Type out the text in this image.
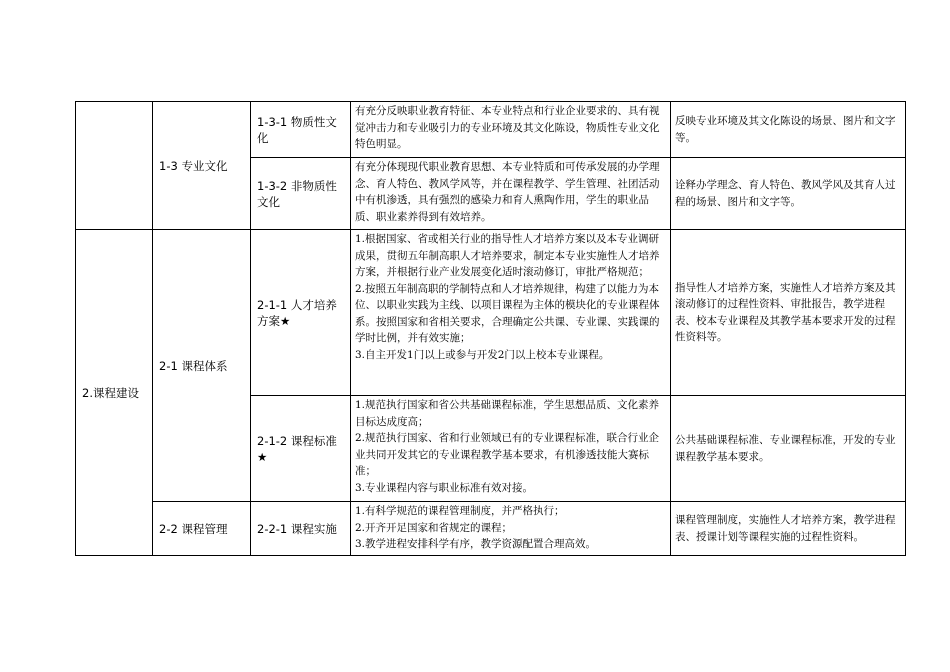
	1-3 专业文化	1-3-1 物质性文化	有充分反映职业教育特征、本专业特点和行业企业要求的、具有视觉冲击力和专业吸引力的专业环境及其文化陈设，物质性专业文化特色明显。	反映专业环境及其文化陈设的场景、图片和文字等。
		1-3-2 非物质性文化	有充分体现现代职业教育思想、本专业特质和可传承发展的办学理念、育人特色、教风学风等，并在课程教学、学生管理、社团活动中有机渗透，具有强烈的感染力和育人熏陶作用，学生的职业品质、职业素养得到有效培养。	诠释办学理念、育人特色、教风学风及其育人过程的场景、图片和文字等。
2.课程建设	2-1 课程体系	2-1-1 人才培养方案★	1.根据国家、省或相关行业的指导性人才培养方案以及本专业调研成果，贯彻五年制高职人才培养要求，制定本专业实施性人才培养方案，并根据行业产业发展变化适时滚动修订，审批严格规范；
2.按照五年制高职的学制特点和人才培养规律，构建了以能力为本位、以职业实践为主线、以项目课程为主体的模块化的专业课程体系。按照国家和省相关要求，合理确定公共课、专业课、实践课的学时比例，并有效实施；
3.自主开发1门以上或参与开发2门以上校本专业课程。	指导性人才培养方案，实施性人才培养方案及其滚动修订的过程性资料、审批报告，教学进程表、校本专业课程及其教学基本要求开发的过程性资料等。
		2-1-2 课程标准★	1.规范执行国家和省公共基础课程标准，学生思想品质、文化素养目标达成度高；
2.规范执行国家、省和行业领域已有的专业课程标准，联合行业企业共同开发其它的专业课程教学基本要求，有机渗透技能大赛标准；
3.专业课程内容与职业标准有效对接。	公共基础课程标准、专业课程标准，开发的专业课程教学基本要求。
	2-2 课程管理	2-2-1 课程实施	1.有科学规范的课程管理制度，并严格执行；
2.开齐开足国家和省规定的课程；
3.教学进程安排科学有序，教学资源配置合理高效。	课程管理制度，实施性人才培养方案，教学进程表、授课计划等课程实施的过程性资料。
